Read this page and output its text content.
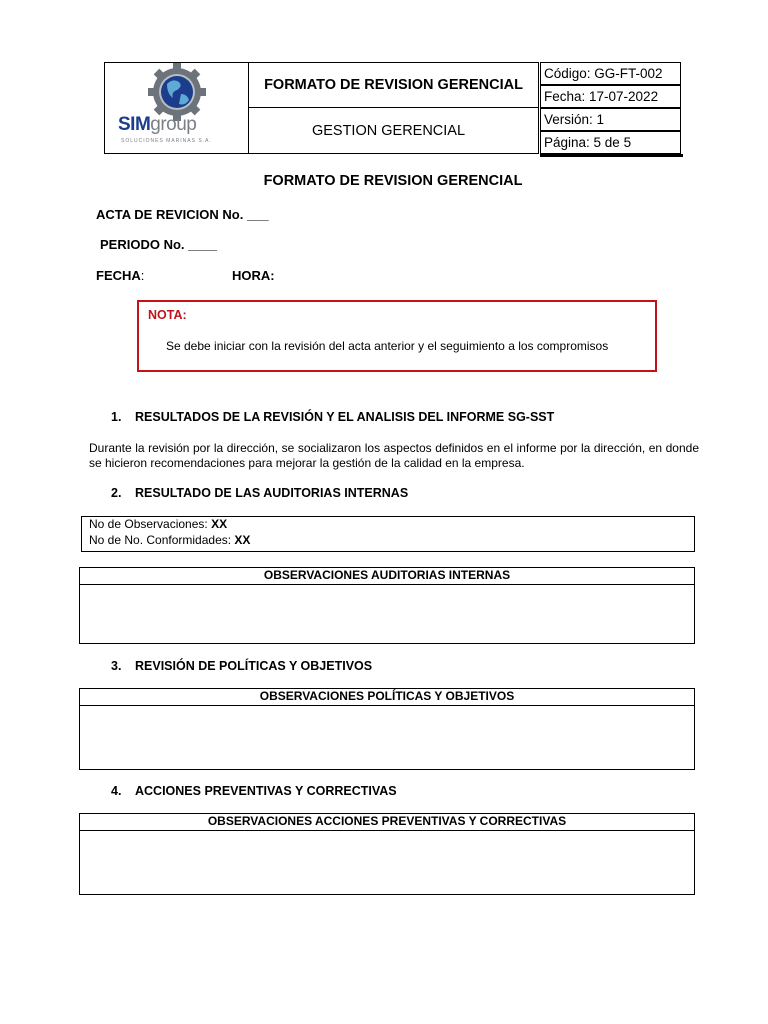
SIMgroup
SOLUCIONES MARINAS S.A.
FORMATO DE REVISION GERENCIAL
GESTION GERENCIAL
Código: GG-FT-002
Fecha: 17-07-2022
Versión: 1
Página: 5 de 5
FORMATO DE REVISION GERENCIAL
ACTA DE REVICION No. ___
PERIODO No. ____
FECHA:	HORA:
NOTA:
Se debe iniciar con la revisión del acta anterior y el seguimiento a los compromisos
1. RESULTADOS DE LA REVISIÓN Y EL ANALISIS DEL INFORME SG-SST
Durante la revisión por la dirección, se socializaron los aspectos definidos en el informe por la dirección, en donde se hicieron recomendaciones para mejorar la gestión de la calidad en la empresa.
2. RESULTADO DE LAS AUDITORIAS INTERNAS
No de Observaciones: XX
No de No. Conformidades: XX
OBSERVACIONES AUDITORIAS INTERNAS
3. REVISIÓN DE POLÍTICAS Y OBJETIVOS
OBSERVACIONES POLÍTICAS Y OBJETIVOS
4. ACCIONES PREVENTIVAS Y CORRECTIVAS
OBSERVACIONES ACCIONES PREVENTIVAS Y CORRECTIVAS
